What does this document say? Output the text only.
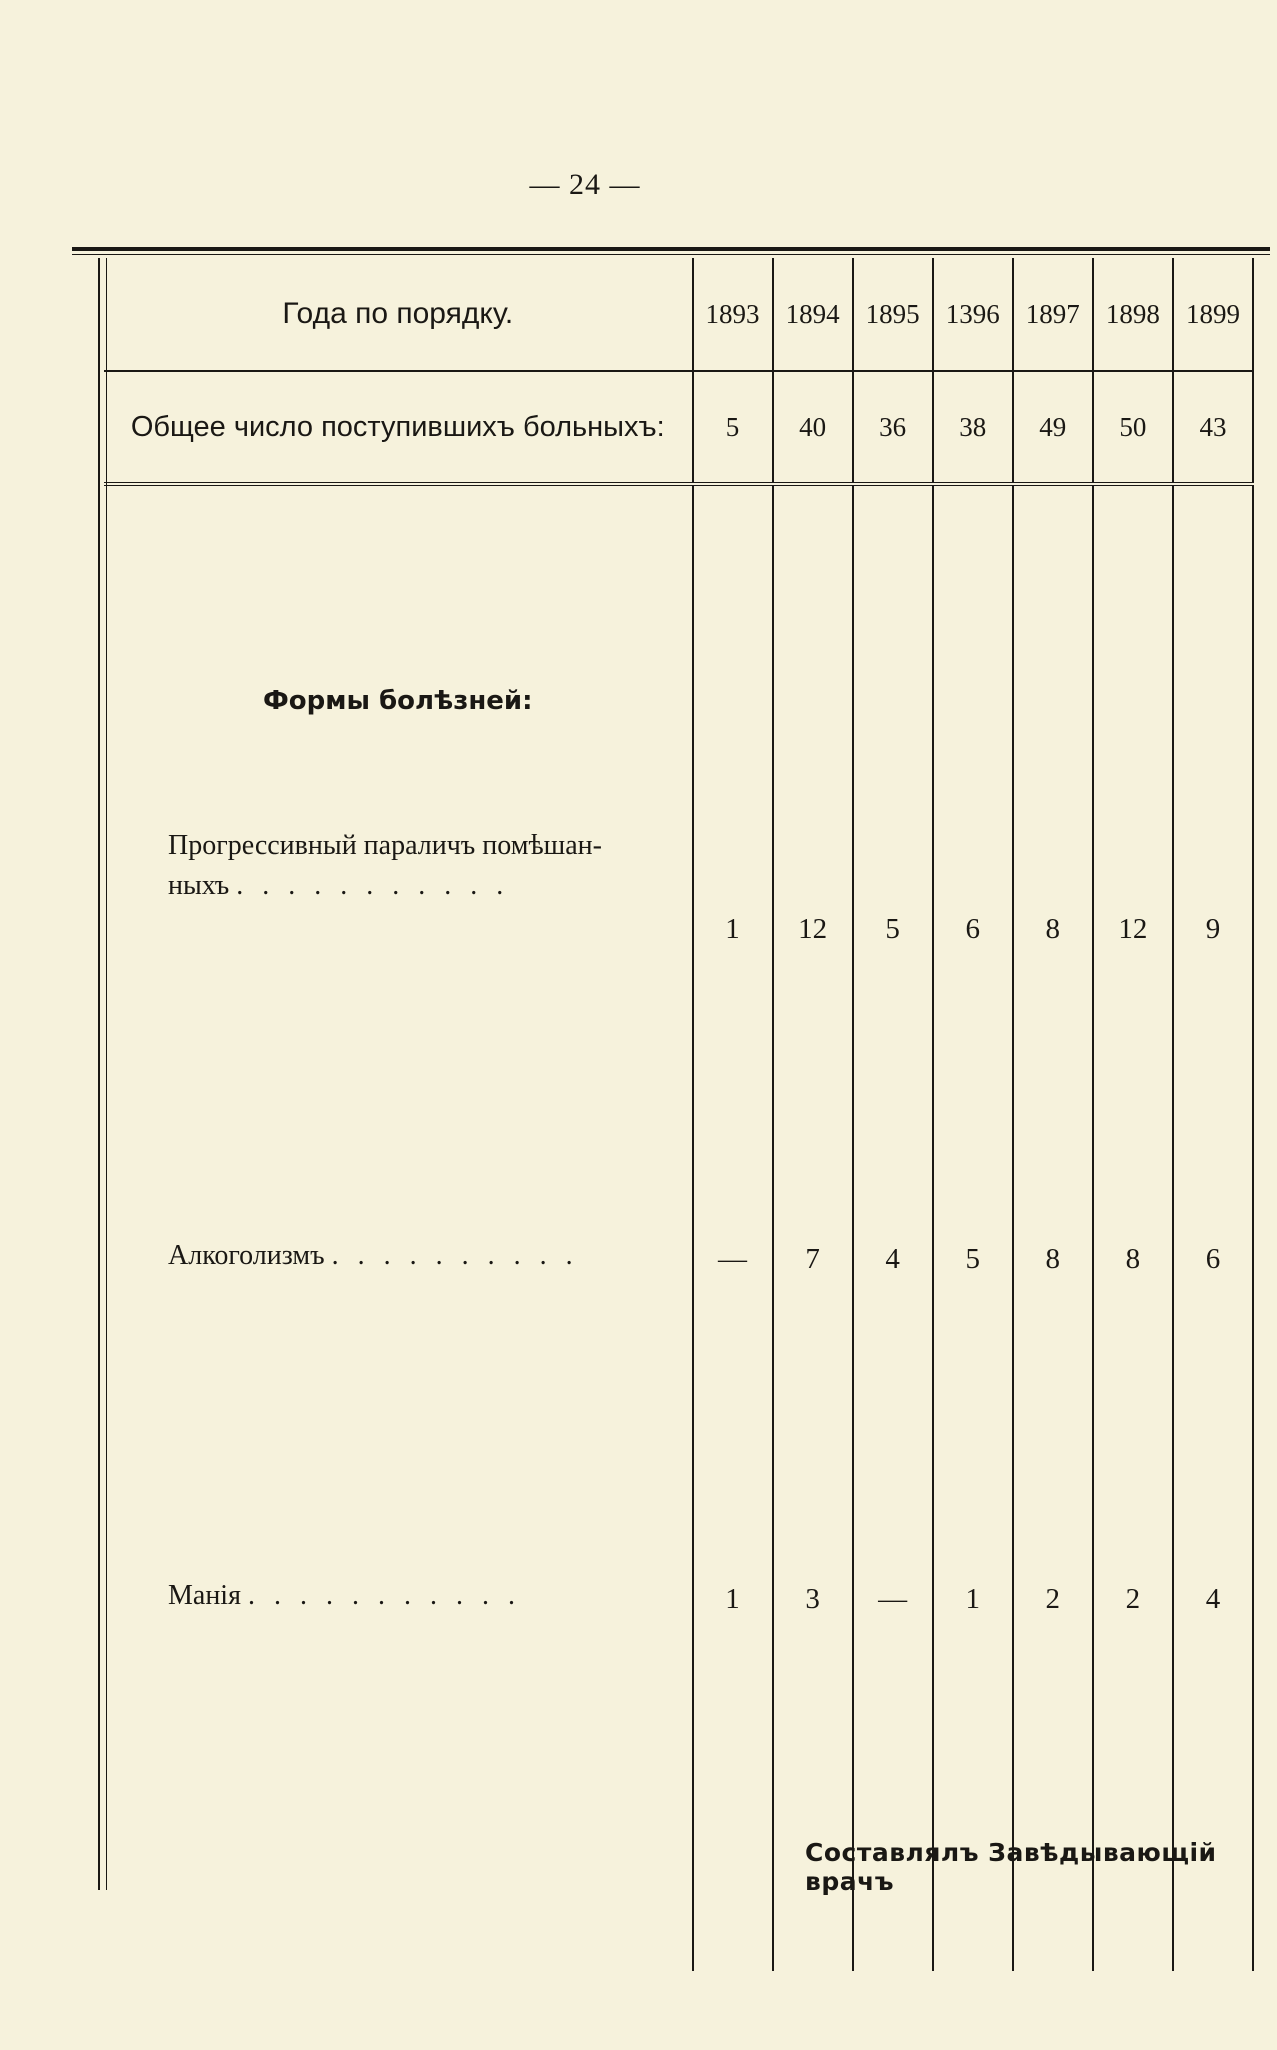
— 24 —

Года по порядку.	1893	1894	1895	1396	1897	1898	1899
Общее число поступившихъ больныхъ:	5	40	36	38	49	50	43
Формы болѣзней:							
Прогрессивный параличъ помѣшан-
ныхъ . . . . . . . . . . .	1	12	5	6	8	12	9
Алкоголизмъ . . . . . . . . . .	—	7	4	5	8	8	6
Манія . . . . . . . . . . .	1	3	—	1	2	2	4

Составлялъ Завѣдывающій врачъ
